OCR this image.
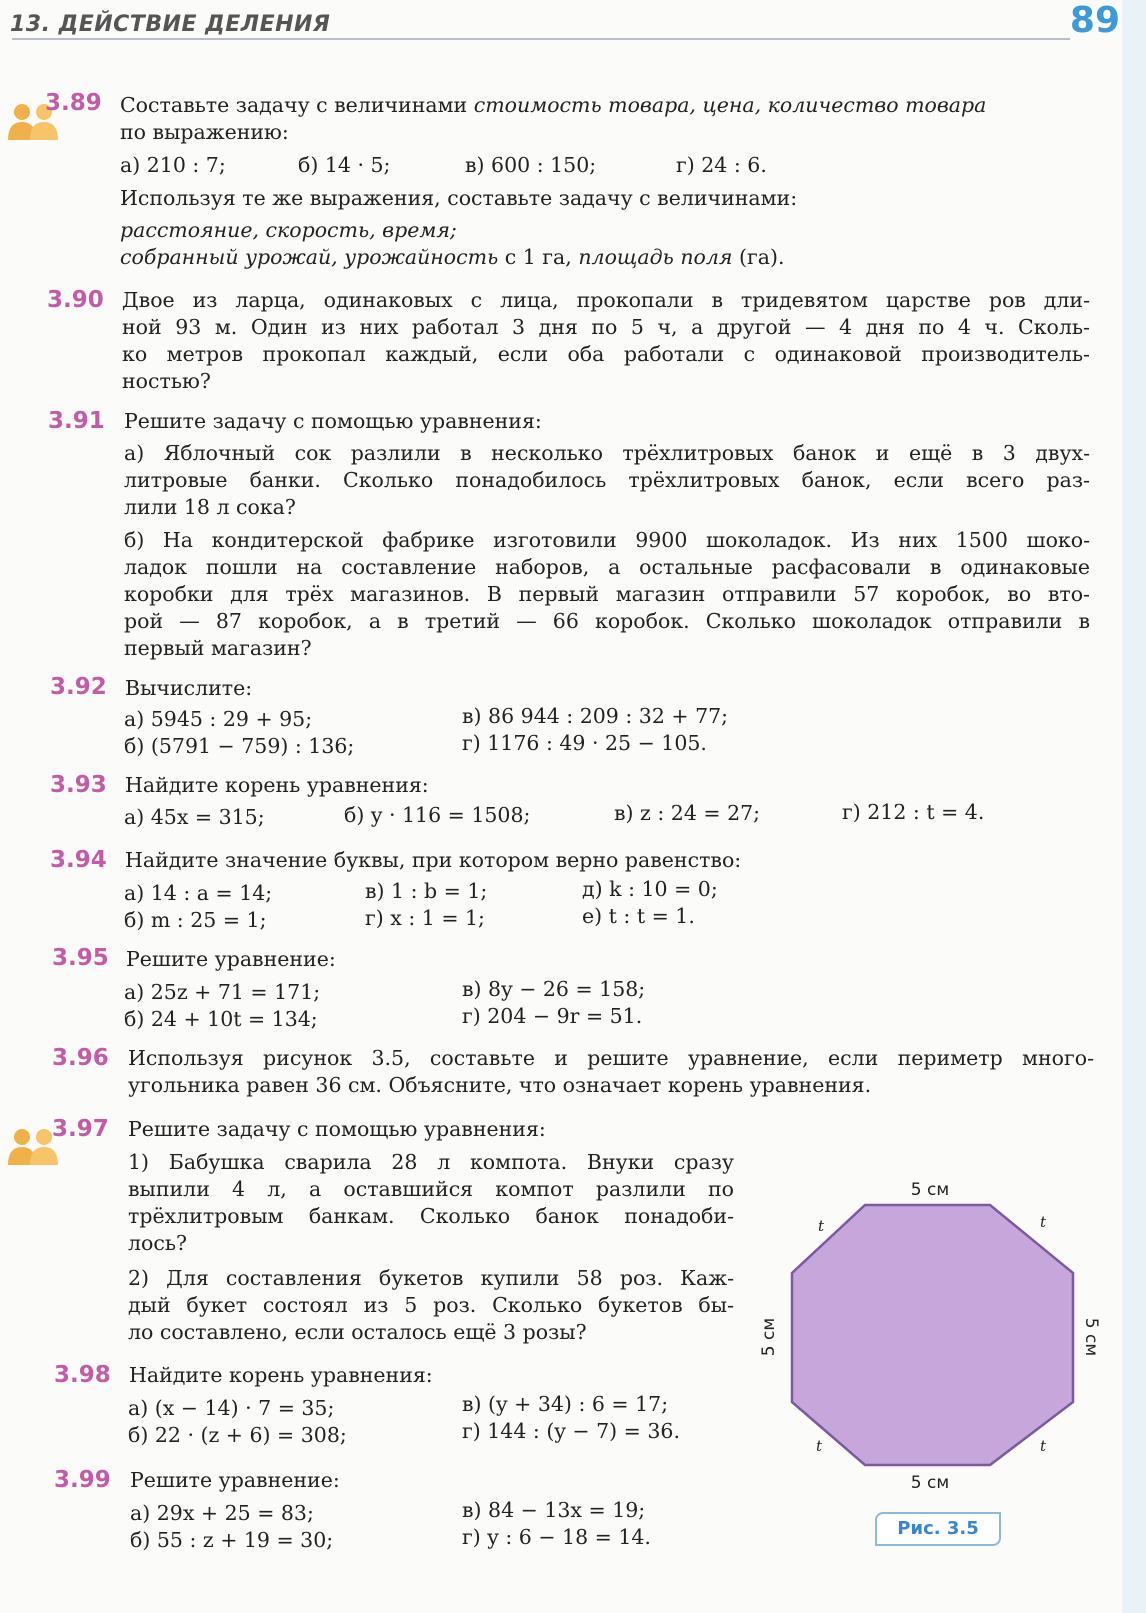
13. ДЕЙСТВИЕ ДЕЛЕНИЯ	89
3.89 Составьте задачу с величинами стоимость товара, цена, количество товара
по выражению:
а) 210 : 7;	б) 14 · 5;	в) 600 : 150;	г) 24 : 6.
Используя те же выражения, составьте задачу с величинами:
расстояние, скорость, время;
собранный урожай, урожайность с 1 га, площадь поля (га).
3.90 Двое из ларца, одинаковых с лица, прокопали в тридевятом царстве ров дли-
ной 93 м. Один из них работал 3 дня по 5 ч, а другой — 4 дня по 4 ч. Сколь-
ко метров прокопал каждый, если оба работали с одинаковой производитель-
ностью?
3.91 Решите задачу с помощью уравнения:
а) Яблочный сок разлили в несколько трёхлитровых банок и ещё в 3 двух-
литровые банки. Сколько понадобилось трёхлитровых банок, если всего раз-
лили 18 л сока?
б) На кондитерской фабрике изготовили 9900 шоколадок. Из них 1500 шоко-
ладок пошли на составление наборов, а остальные расфасовали в одинаковые
коробки для трёх магазинов. В первый магазин отправили 57 коробок, во вто-
рой — 87 коробок, а в третий — 66 коробок. Сколько шоколадок отправили в
первый магазин?
3.92 Вычислите:
а) 5945 : 29 + 95;
б) (5791 − 759) : 136;
в) 86 944 : 209 : 32 + 77;
г) 1176 : 49 · 25 − 105.
3.93 Найдите корень уравнения:
а) 45x = 315;	б) y · 116 = 1508;	в) z : 24 = 27;	г) 212 : t = 4.
3.94 Найдите значение буквы, при котором верно равенство:
а) 14 : a = 14;
б) m : 25 = 1;
в) 1 : b = 1;
г) x : 1 = 1;
д) k : 10 = 0;
е) t : t = 1.
3.95 Решите уравнение:
а) 25z + 71 = 171;
б) 24 + 10t = 134;
в) 8y − 26 = 158;
г) 204 − 9r = 51.
3.96 Используя рисунок 3.5, составьте и решите уравнение, если периметр много-
угольника равен 36 см. Объясните, что означает корень уравнения.
3.97 Решите задачу с помощью уравнения:
1) Бабушка сварила 28 л компота. Внуки сразу
выпили 4 л, а оставшийся компот разлили по
трёхлитровым банкам. Сколько банок понадоби-
лось?
2) Для составления букетов купили 58 роз. Каж-
дый букет состоял из 5 роз. Сколько букетов бы-
ло составлено, если осталось ещё 3 розы?
3.98 Найдите корень уравнения:
а) (x − 14) · 7 = 35;
б) 22 · (z + 6) = 308;
в) (y + 34) : 6 = 17;
г) 144 : (y − 7) = 36.
3.99 Решите уравнение:
а) 29x + 25 = 83;
б) 55 : z + 19 = 30;
в) 84 − 13x = 19;
г) y : 6 − 18 = 14.
5 см
5 см
5 см	5 см
t	t
t	t
Рис. 3.5
